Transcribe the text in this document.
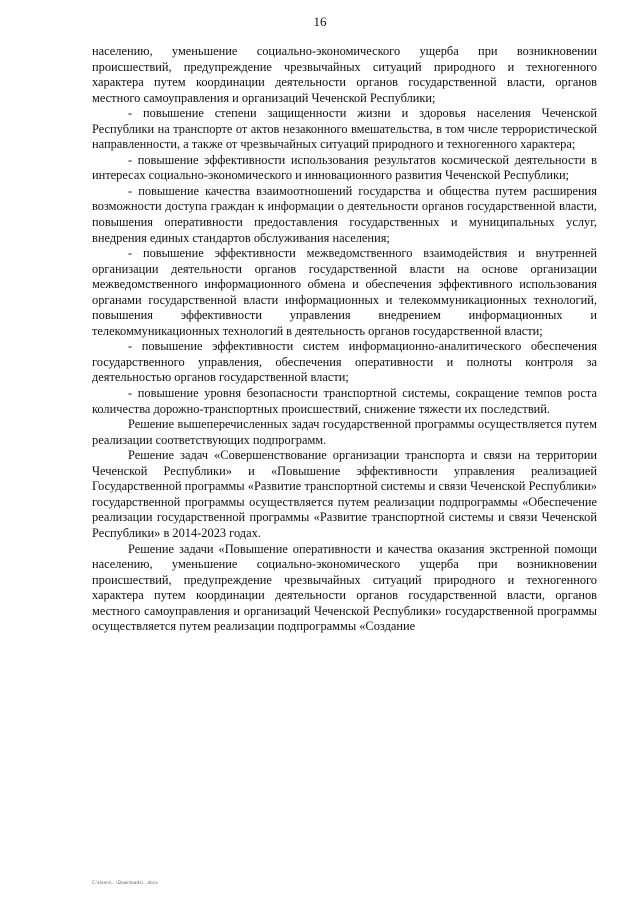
16

населению, уменьшение социально-экономического ущерба при возникновении происшествий, предупреждение чрезвычайных ситуаций природного и техногенного характера путем координации деятельности органов государственной власти, органов местного самоуправления и организаций Чеченской Республики;

- повышение степени защищенности жизни и здоровья населения Чеченской Республики на транспорте от актов незаконного вмешательства, в том числе террористической направленности, а также от чрезвычайных ситуаций природного и техногенного характера;

- повышение эффективности использования результатов космической деятельности в интересах социально-экономического и инновационного развития Чеченской Республики;

- повышение качества взаимоотношений государства и общества путем расширения возможности доступа граждан к информации о деятельности органов государственной власти, повышения оперативности предоставления государственных и муниципальных услуг, внедрения единых стандартов обслуживания населения;

- повышение эффективности межведомственного взаимодействия и внутренней организации деятельности органов государственной власти на основе организации межведомственного информационного обмена и обеспечения эффективного использования органами государственной власти информационных и телекоммуникационных технологий, повышения эффективности управления внедрением информационных и телекоммуникационных технологий в деятельность органов государственной власти;

- повышение эффективности систем информационно-аналитического обеспечения государственного управления, обеспечения оперативности и полноты контроля за деятельностью органов государственной власти;

- повышение уровня безопасности транспортной системы, сокращение темпов роста количества дорожно-транспортных происшествий, снижение тяжести их последствий.

Решение вышеперечисленных задач государственной программы осуществляется путем реализации соответствующих подпрограмм.

Решение задач «Совершенствование организации транспорта и связи на территории Чеченской Республики» и «Повышение эффективности управления реализацией Государственной программы «Развитие транспортной системы и связи Чеченской Республики» государственной программы осуществляется путем реализации подпрограммы «Обеспечение реализации государственной программы «Развитие транспортной системы и связи Чеченской Республики» в 2014-2023 годах.

Решение задачи «Повышение оперативности и качества оказания экстренной помощи населению, уменьшение социально-экономического ущерба при возникновении происшествий, предупреждение чрезвычайных ситуаций природного и техногенного характера путем координации деятельности органов государственной власти, органов местного самоуправления и организаций Чеченской Республики» государственной программы осуществляется путем реализации подпрограммы «Создание

C:\Users\...\Downloads\...docx
